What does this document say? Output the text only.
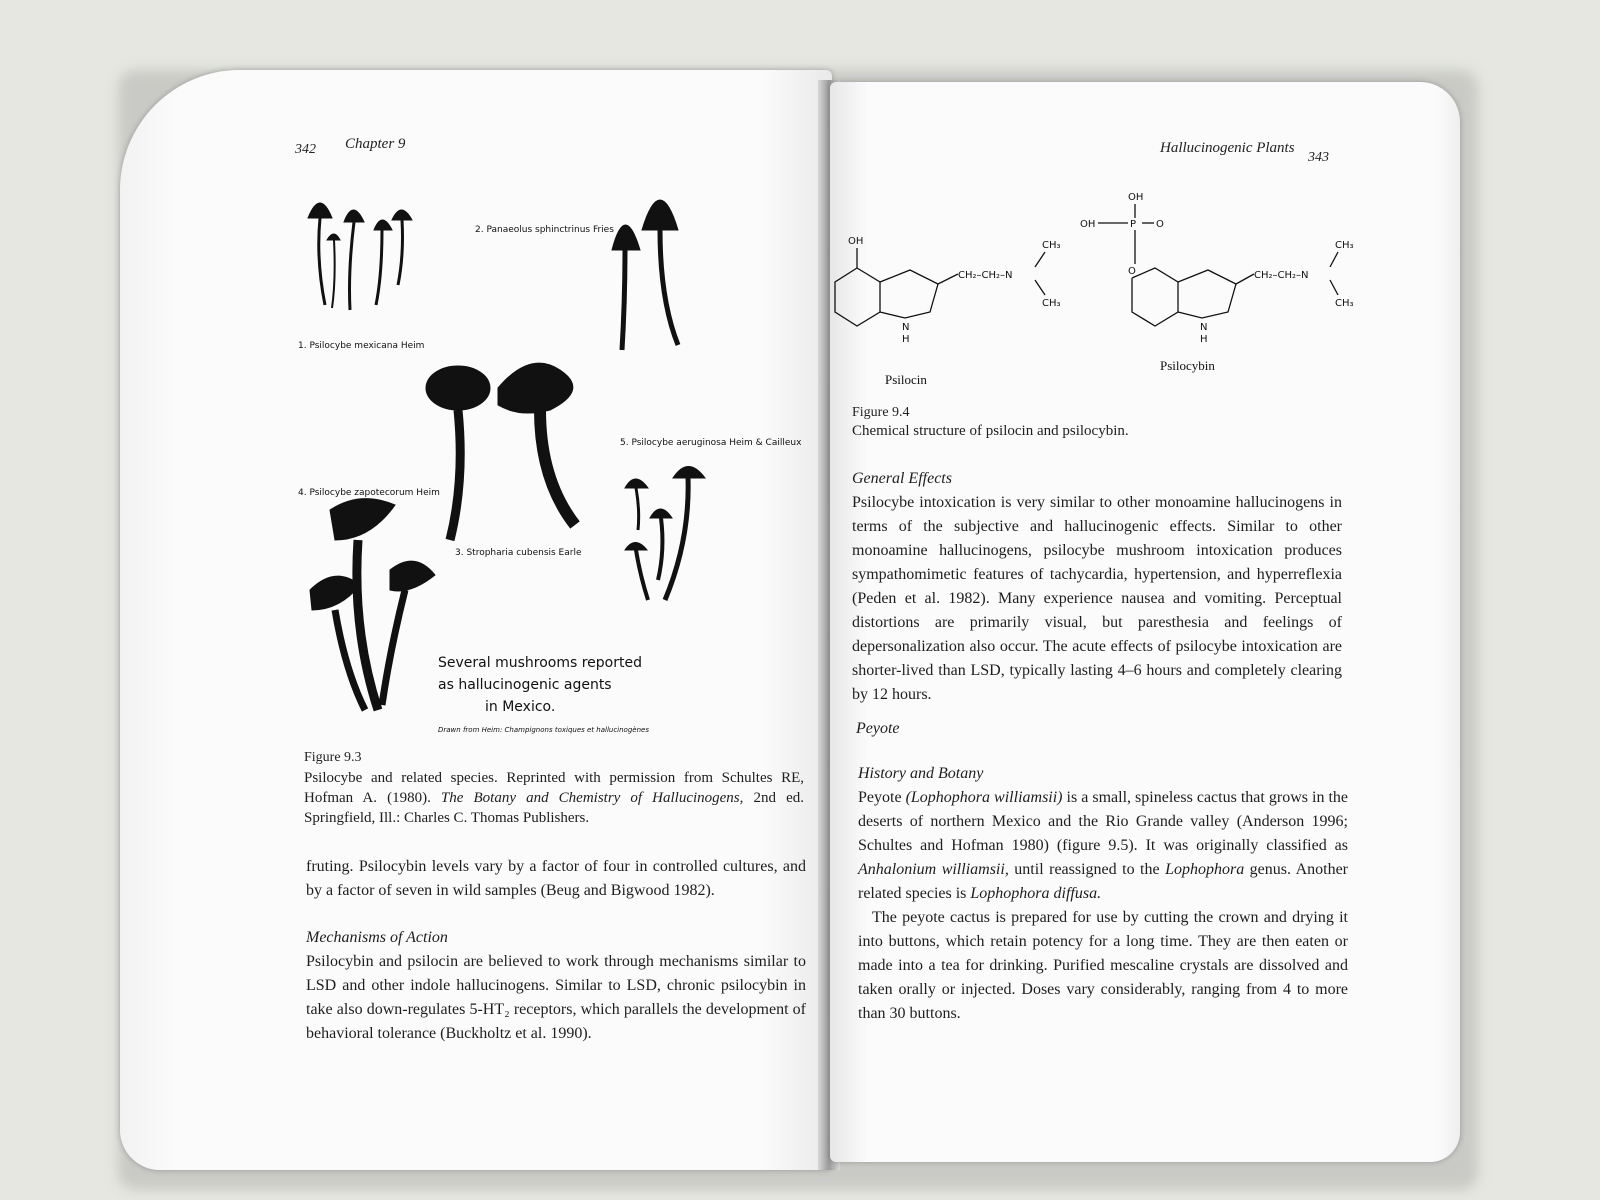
342 Chapter 9
1. Psilocybe mexicana Heim
2. Panaeolus sphinctrinus Fries
3. Stropharia cubensis Earle
4. Psilocybe zapotecorum Heim
5. Psilocybe aeruginosa Heim & Cailleux
Several mushrooms reported
as hallucinogenic agents
in Mexico.
Drawn from Heim: Champignons toxiques et hallucinogènes
Figure 9.3
Psilocybe and related species. Reprinted with permission from Schultes RE, Hofman A. (1980). The Botany and Chemistry of Hallucinogens, 2nd ed. Springfield, Ill.: Charles C. Thomas Publishers.

fruting. Psilocybin levels vary by a factor of four in controlled cultures, and by a factor of seven in wild samples (Beug and Bigwood 1982).

Mechanisms of Action

Psilocybin and psilocin are believed to work through mechanisms similar to LSD and other indole hallucinogens. Similar to LSD, chronic psilocybin in take also down-regulates 5-HT₂ receptors, which parallels the development of behavioral tolerance (Buckholtz et al. 1990).

Hallucinogenic Plants
343
OH
CH₂–CH₂–N
CH₃
CH₃
N
H
Psilocin
OH
OH	P O
O	CH₂–CH₂–N
CH₃
CH₃
N
H
Psilocybin
Figure 9.4
Chemical structure of psilocin and psilocybin.
General Effects

Psilocybe intoxication is very similar to other monoamine hallucinogens in terms of the subjective and hallucinogenic effects. Similar to other monoamine hallucinogens, psilocybe mushroom intoxication produces sympathomimetic features of tachycardia, hypertension, and hyperreflexia (Peden et al. 1982). Many experience nausea and vomiting. Perceptual distortions are primarily visual, but paresthesia and feelings of depersonalization also occur. The acute effects of psilocybe intoxication are shorter-lived than LSD, typically lasting 4–6 hours and completely clearing by 12 hours.

Peyote
History and Botany

Peyote (Lophophora williamsii) is a small, spineless cactus that grows in the deserts of northern Mexico and the Rio Grande valley (Anderson 1996; Schultes and Hofman 1980) (figure 9.5). It was originally classified as Anhalonium williamsii, until reassigned to the Lophophora genus. Another related species is Lophophora diffusa.

The peyote cactus is prepared for use by cutting the crown and drying it into buttons, which retain potency for a long time. They are then eaten or made into a tea for drinking. Purified mescaline crystals are dissolved and taken orally or injected. Doses vary considerably, ranging from 4 to more than 30 buttons.
